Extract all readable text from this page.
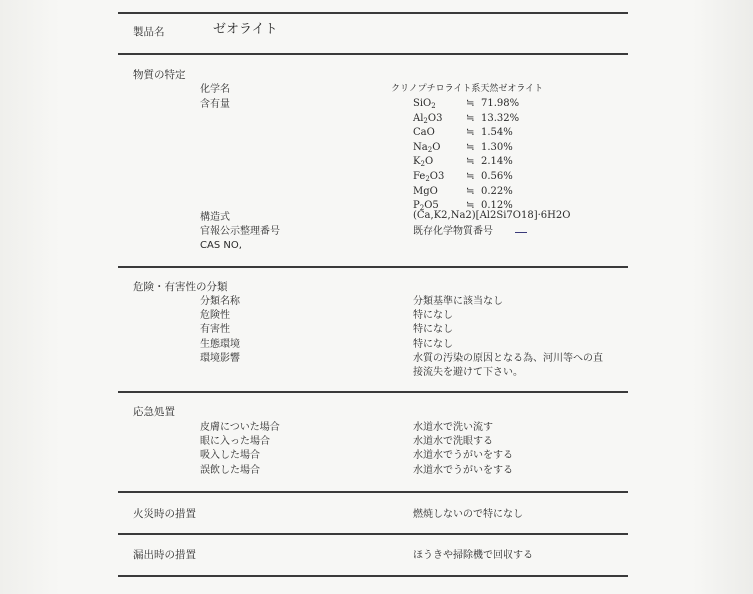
製品名	ゼオライト
物質の特定
化学名	クリノプチロライト系天然ゼオライト
含有量	SiO$_2$	≒ 71.98%
$Al_2O3$ ≒ 13.32%
CaO	≒ 1.54%
$Na_2O$	≒ 1.30%
$K_2O$	≒ 2.14%
$Fe_2O3$ ≒ 0.56%
MgO	≒ 0.22%
$P_2O5$	≒ 0.12%
構造式	(Ca,K2,Na2)[Al2Si7O18]·6H2O
官報公示整理番号	既存化学物質番号
CAS NO,
危険・有害性の分類
分類名称	分類基準に該当なし
危険性	特になし
有害性	特になし
生態環境	特になし
環境影響	水質の汚染の原因となる為、河川等への直
接流失を避けて下さい。
応急処置
皮膚についた場合	水道水で洗い流す
眼に入った場合	水道水で洗眼する
吸入した場合	水道水でうがいをする
誤飲した場合	水道水でうがいをする
火災時の措置	燃焼しないので特になし
漏出時の措置	ほうきや掃除機で回収する
